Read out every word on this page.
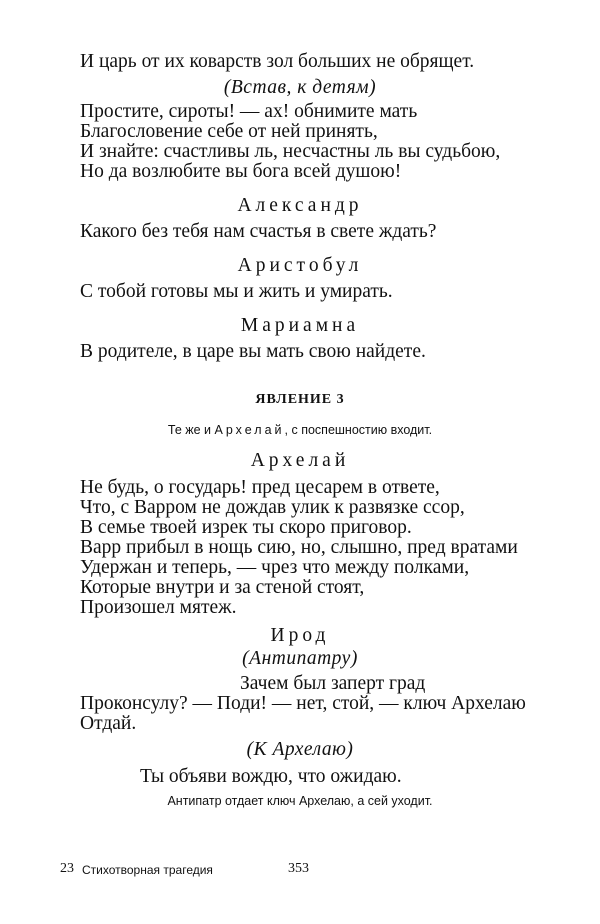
И царь от их коварств зол больших не обрящет.
(Встав, к детям)
Простите, сироты! — ах! обнимите мать
Благословение себе от ней принять,
И знайте: счастливы ль, несчастны ль вы судьбою,
Но да возлюбите вы бога всей душою!
Александр
Какого без тебя нам счастья в свете ждать?
Аристобул
С тобой готовы мы и жить и умирать.
Мариамна
В родителе, в царе вы мать свою найдете.
ЯВЛЕНИЕ 3
Те же и Архелай, с поспешностию входит.
Архелай
Не будь, о государь! пред цесарем в ответе,
Что, с Варром не дождав улик к развязке ссор,
В семье твоей изрек ты скоро приговор.
Варр прибыл в нощь сию, но, слышно, пред вратами
Удержан и теперь, — чрез что между полками,
Которые внутри и за стеной стоят,
Произошел мятеж.
Ирод
(Антипатру)
Зачем был заперт град
Проконсулу? — Поди! — нет, стой, — ключ Архелаю
Отдай.
(К Архелаю)
Ты объяви вождю, что ожидаю.
Антипатр отдает ключ Архелаю, а сей уходит.
23 Стихотворная трагедия	353
